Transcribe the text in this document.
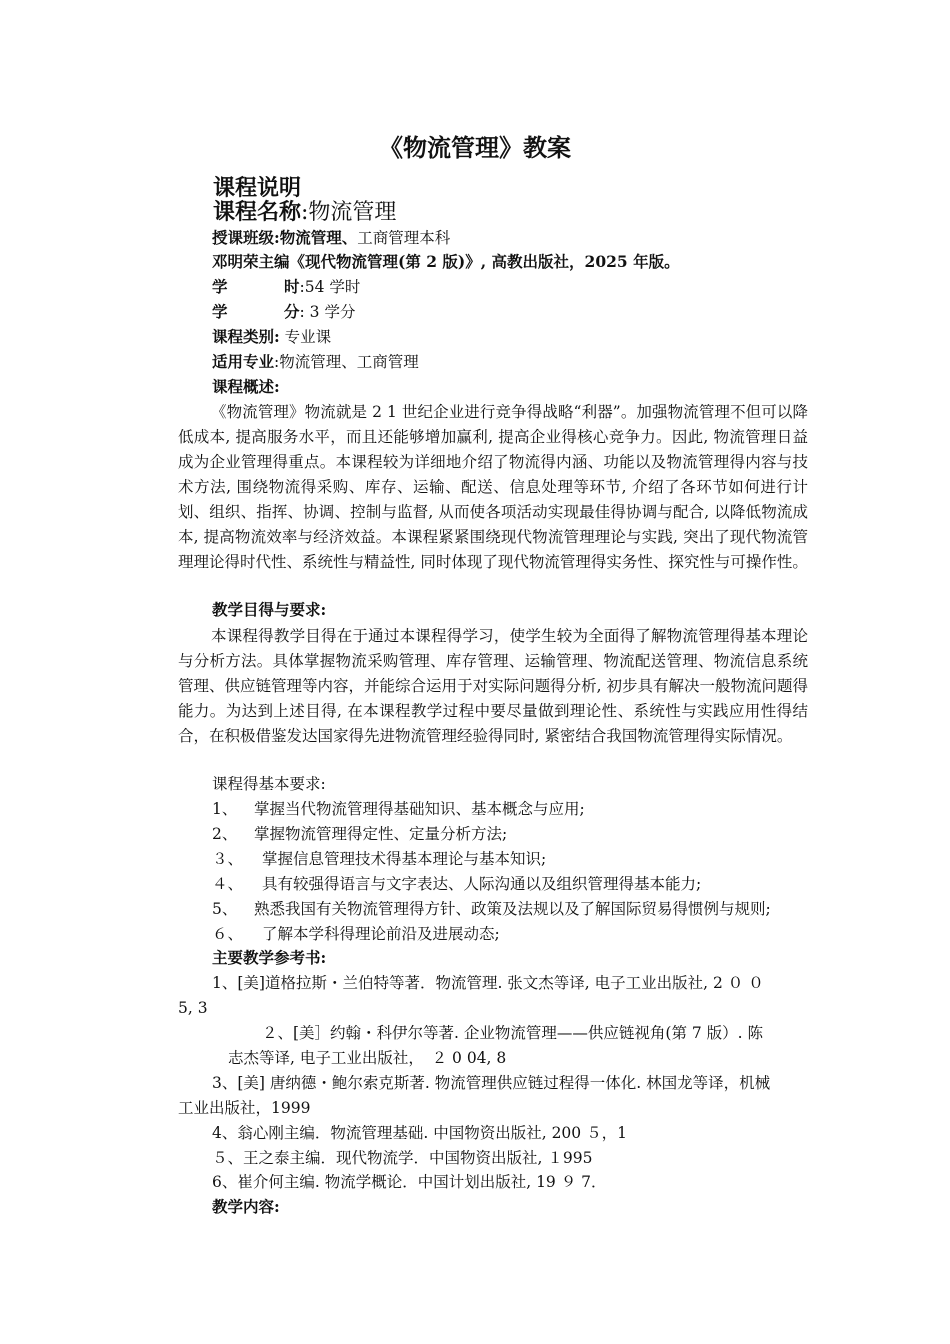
《物流管理》教案
课程说明
课程名称:物流管理
授课班级:物流管理、工商管理本科
邓明荣主编《现代物流管理(第 2 版)》, 高教出版社，2025 年版。
学	时:54 学时
学	分: 3 学分
课程类别: 专业课
适用专业:物流管理、工商管理
课程概述:

《物流管理》物流就是 2 1 世纪企业进行竞争得战略“利器”。加强物流管理不但可以降低成本, 提高服务水平，而且还能够增加赢利, 提高企业得核心竞争力。因此, 物流管理日益成为企业管理得重点。本课程较为详细地介绍了物流得内涵、功能以及物流管理得内容与技术方法, 围绕物流得采购、库存、运输、配送、信息处理等环节, 介绍了各环节如何进行计划、组织、指挥、协调、控制与监督, 从而使各项活动实现最佳得协调与配合, 以降低物流成本, 提高物流效率与经济效益。本课程紧紧围绕现代物流管理理论与实践, 突出了现代物流管理理论得时代性、系统性与精益性, 同时体现了现代物流管理得实务性、探究性与可操作性。

教学目得与要求:

本课程得教学目得在于通过本课程得学习，使学生较为全面得了解物流管理得基本理论与分析方法。具体掌握物流采购管理、库存管理、运输管理、物流配送管理、物流信息系统管理、供应链管理等内容，并能综合运用于对实际问题得分析, 初步具有解决一般物流问题得能力。为达到上述目得, 在本课程教学过程中要尽量做到理论性、系统性与实践应用性得结合，在积极借鉴发达国家得先进物流管理经验得同时, 紧密结合我国物流管理得实际情况。

课程得基本要求:
1、 掌握当代物流管理得基础知识、基本概念与应用;
2、 掌握物流管理得定性、定量分析方法;
３、 掌握信息管理技术得基本理论与基本知识;
４、 具有较强得语言与文字表达、人际沟通以及组织管理得基本能力;
5、 熟悉我国有关物流管理得方针、政策及法规以及了解国际贸易得惯例与规则;
６、 了解本学科得理论前沿及进展动态;
主要教学参考书:
1、[美]道格拉斯・兰伯特等著．物流管理. 张文杰等译, 电子工业出版社, 2 ０ ０
5, 3
２、[美］约翰・科伊尔等著. 企业物流管理——供应链视角(第 7 版）. 陈
志杰等译, 电子工业出版社，　２ 0 04, 8
3、[美] 唐纳德・鲍尔索克斯著. 物流管理供应链过程得一体化. 林国龙等译，机械
工业出版社，1999
4、翁心刚主编．物流管理基础. 中国物资出版社, 200 ５，1
５、王之泰主编．现代物流学．中国物资出版社, １995
6、崔介何主编. 物流学概论．中国计划出版社, 19 ９ 7．
教学内容:
